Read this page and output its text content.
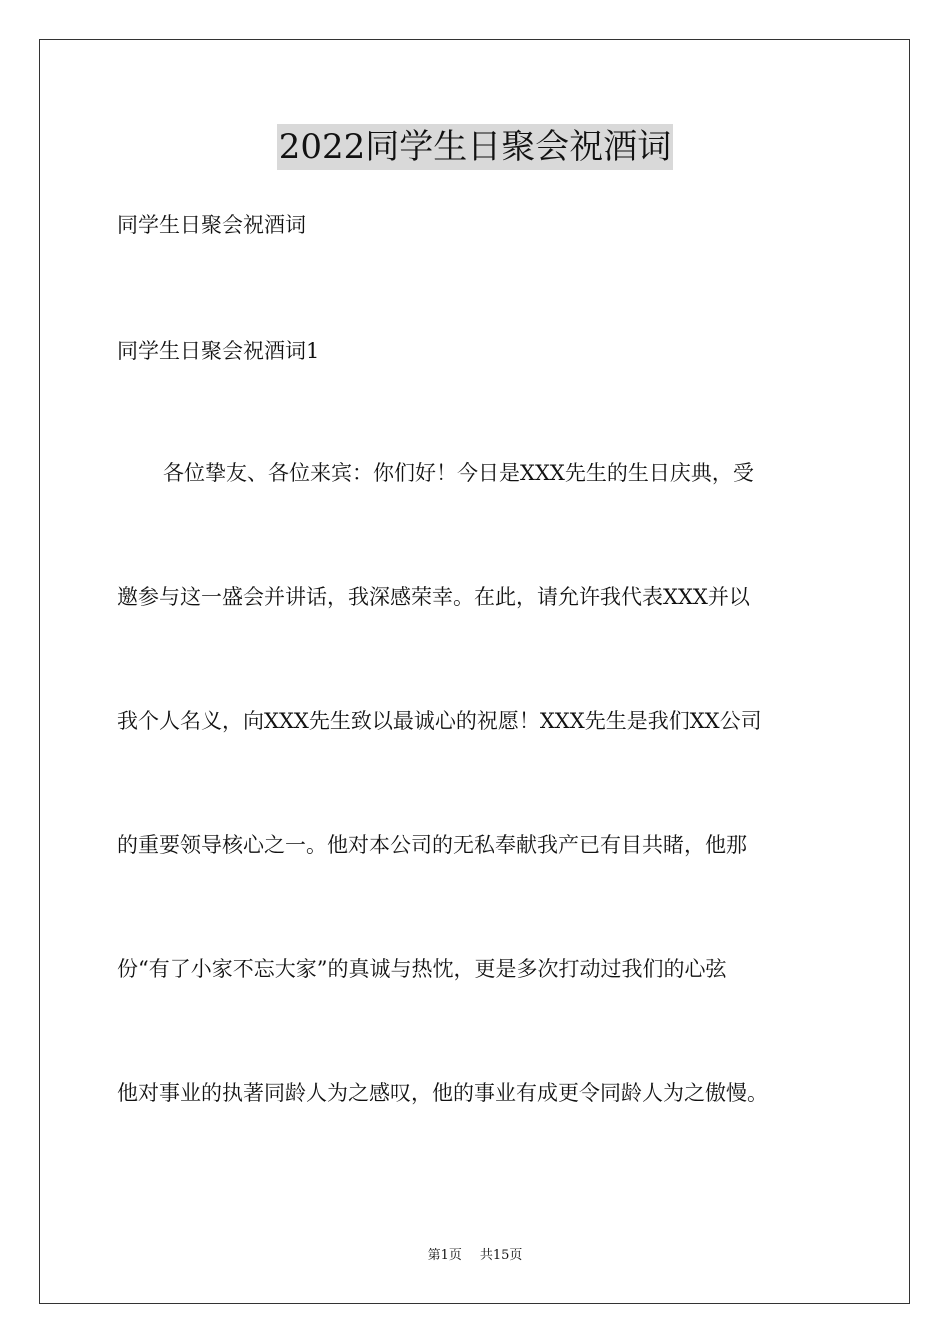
2022同学生日聚会祝酒词
同学生日聚会祝酒词
同学生日聚会祝酒词1
各位挚友、各位来宾：你们好！今日是XXX先生的生日庆典，受
邀参与这一盛会并讲话，我深感荣幸。在此，请允许我代表XXX并以
我个人名义，向XXX先生致以最诚心的祝愿！XXX先生是我们XX公司
的重要领导核心之一。他对本公司的无私奉献我产已有目共睹，他那
份“有了小家不忘大家”的真诚与热忱，更是多次打动过我们的心弦
他对事业的执著同龄人为之感叹，他的事业有成更令同龄人为之傲慢。
第1页 共15页
